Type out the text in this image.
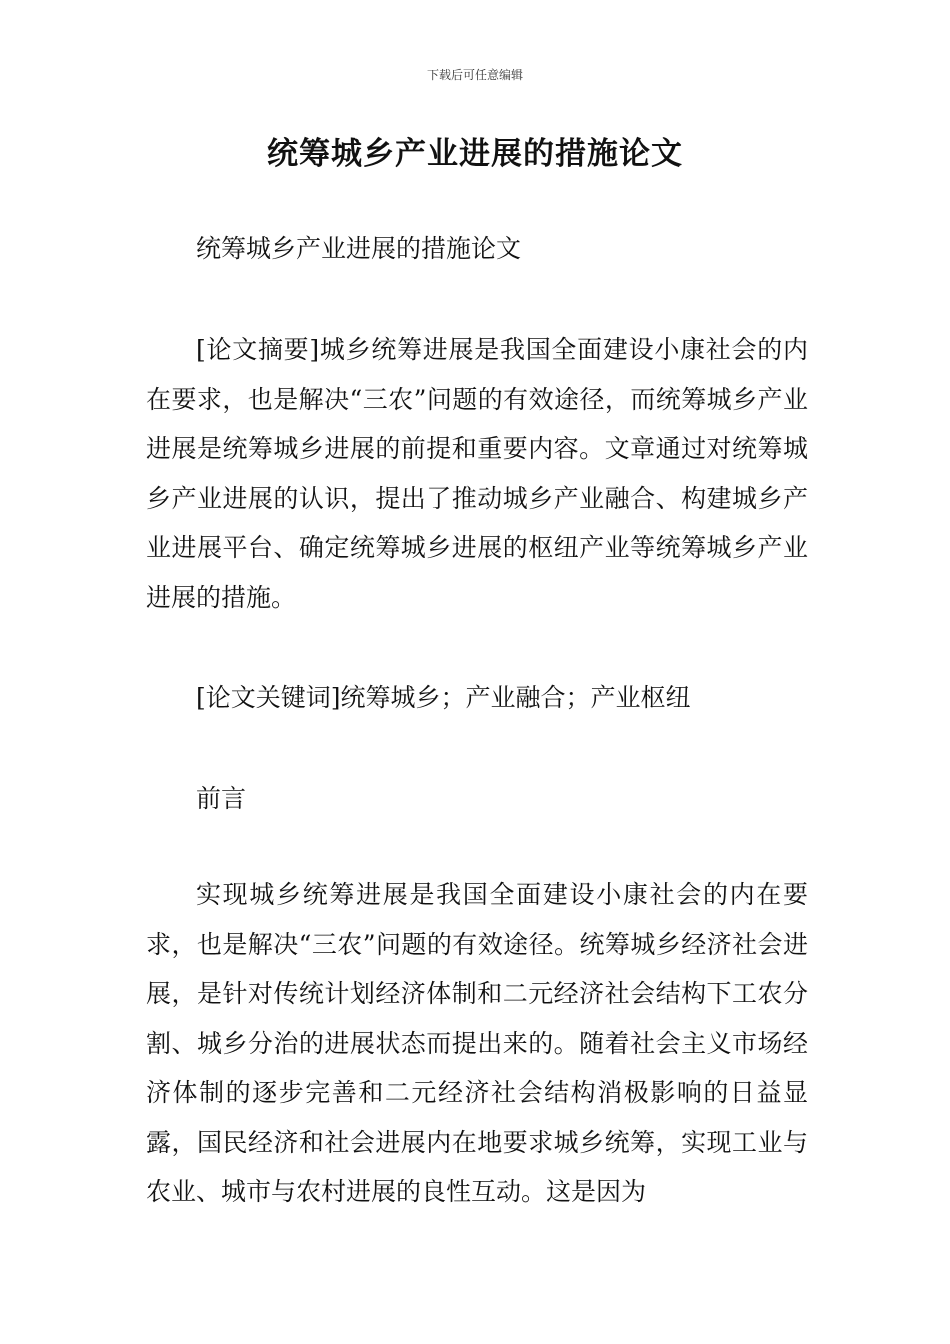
下载后可任意编辑
统筹城乡产业进展的措施论文

统筹城乡产业进展的措施论文

[论文摘要]城乡统筹进展是我国全面建设小康社会的内在要求，也是解决“三农”问题的有效途径，而统筹城乡产业进展是统筹城乡进展的前提和重要内容。文章通过对统筹城乡产业进展的认识，提出了推动城乡产业融合、构建城乡产业进展平台、确定统筹城乡进展的枢纽产业等统筹城乡产业进展的措施。

[论文关键词]统筹城乡；产业融合；产业枢纽

前言

实现城乡统筹进展是我国全面建设小康社会的内在要求，也是解决“三农”问题的有效途径。统筹城乡经济社会进展，是针对传统计划经济体制和二元经济社会结构下工农分割、城乡分治的进展状态而提出来的。随着社会主义市场经济体制的逐步完善和二元经济社会结构消极影响的日益显露，国民经济和社会进展内在地要求城乡统筹，实现工业与农业、城市与农村进展的良性互动。这是因为
